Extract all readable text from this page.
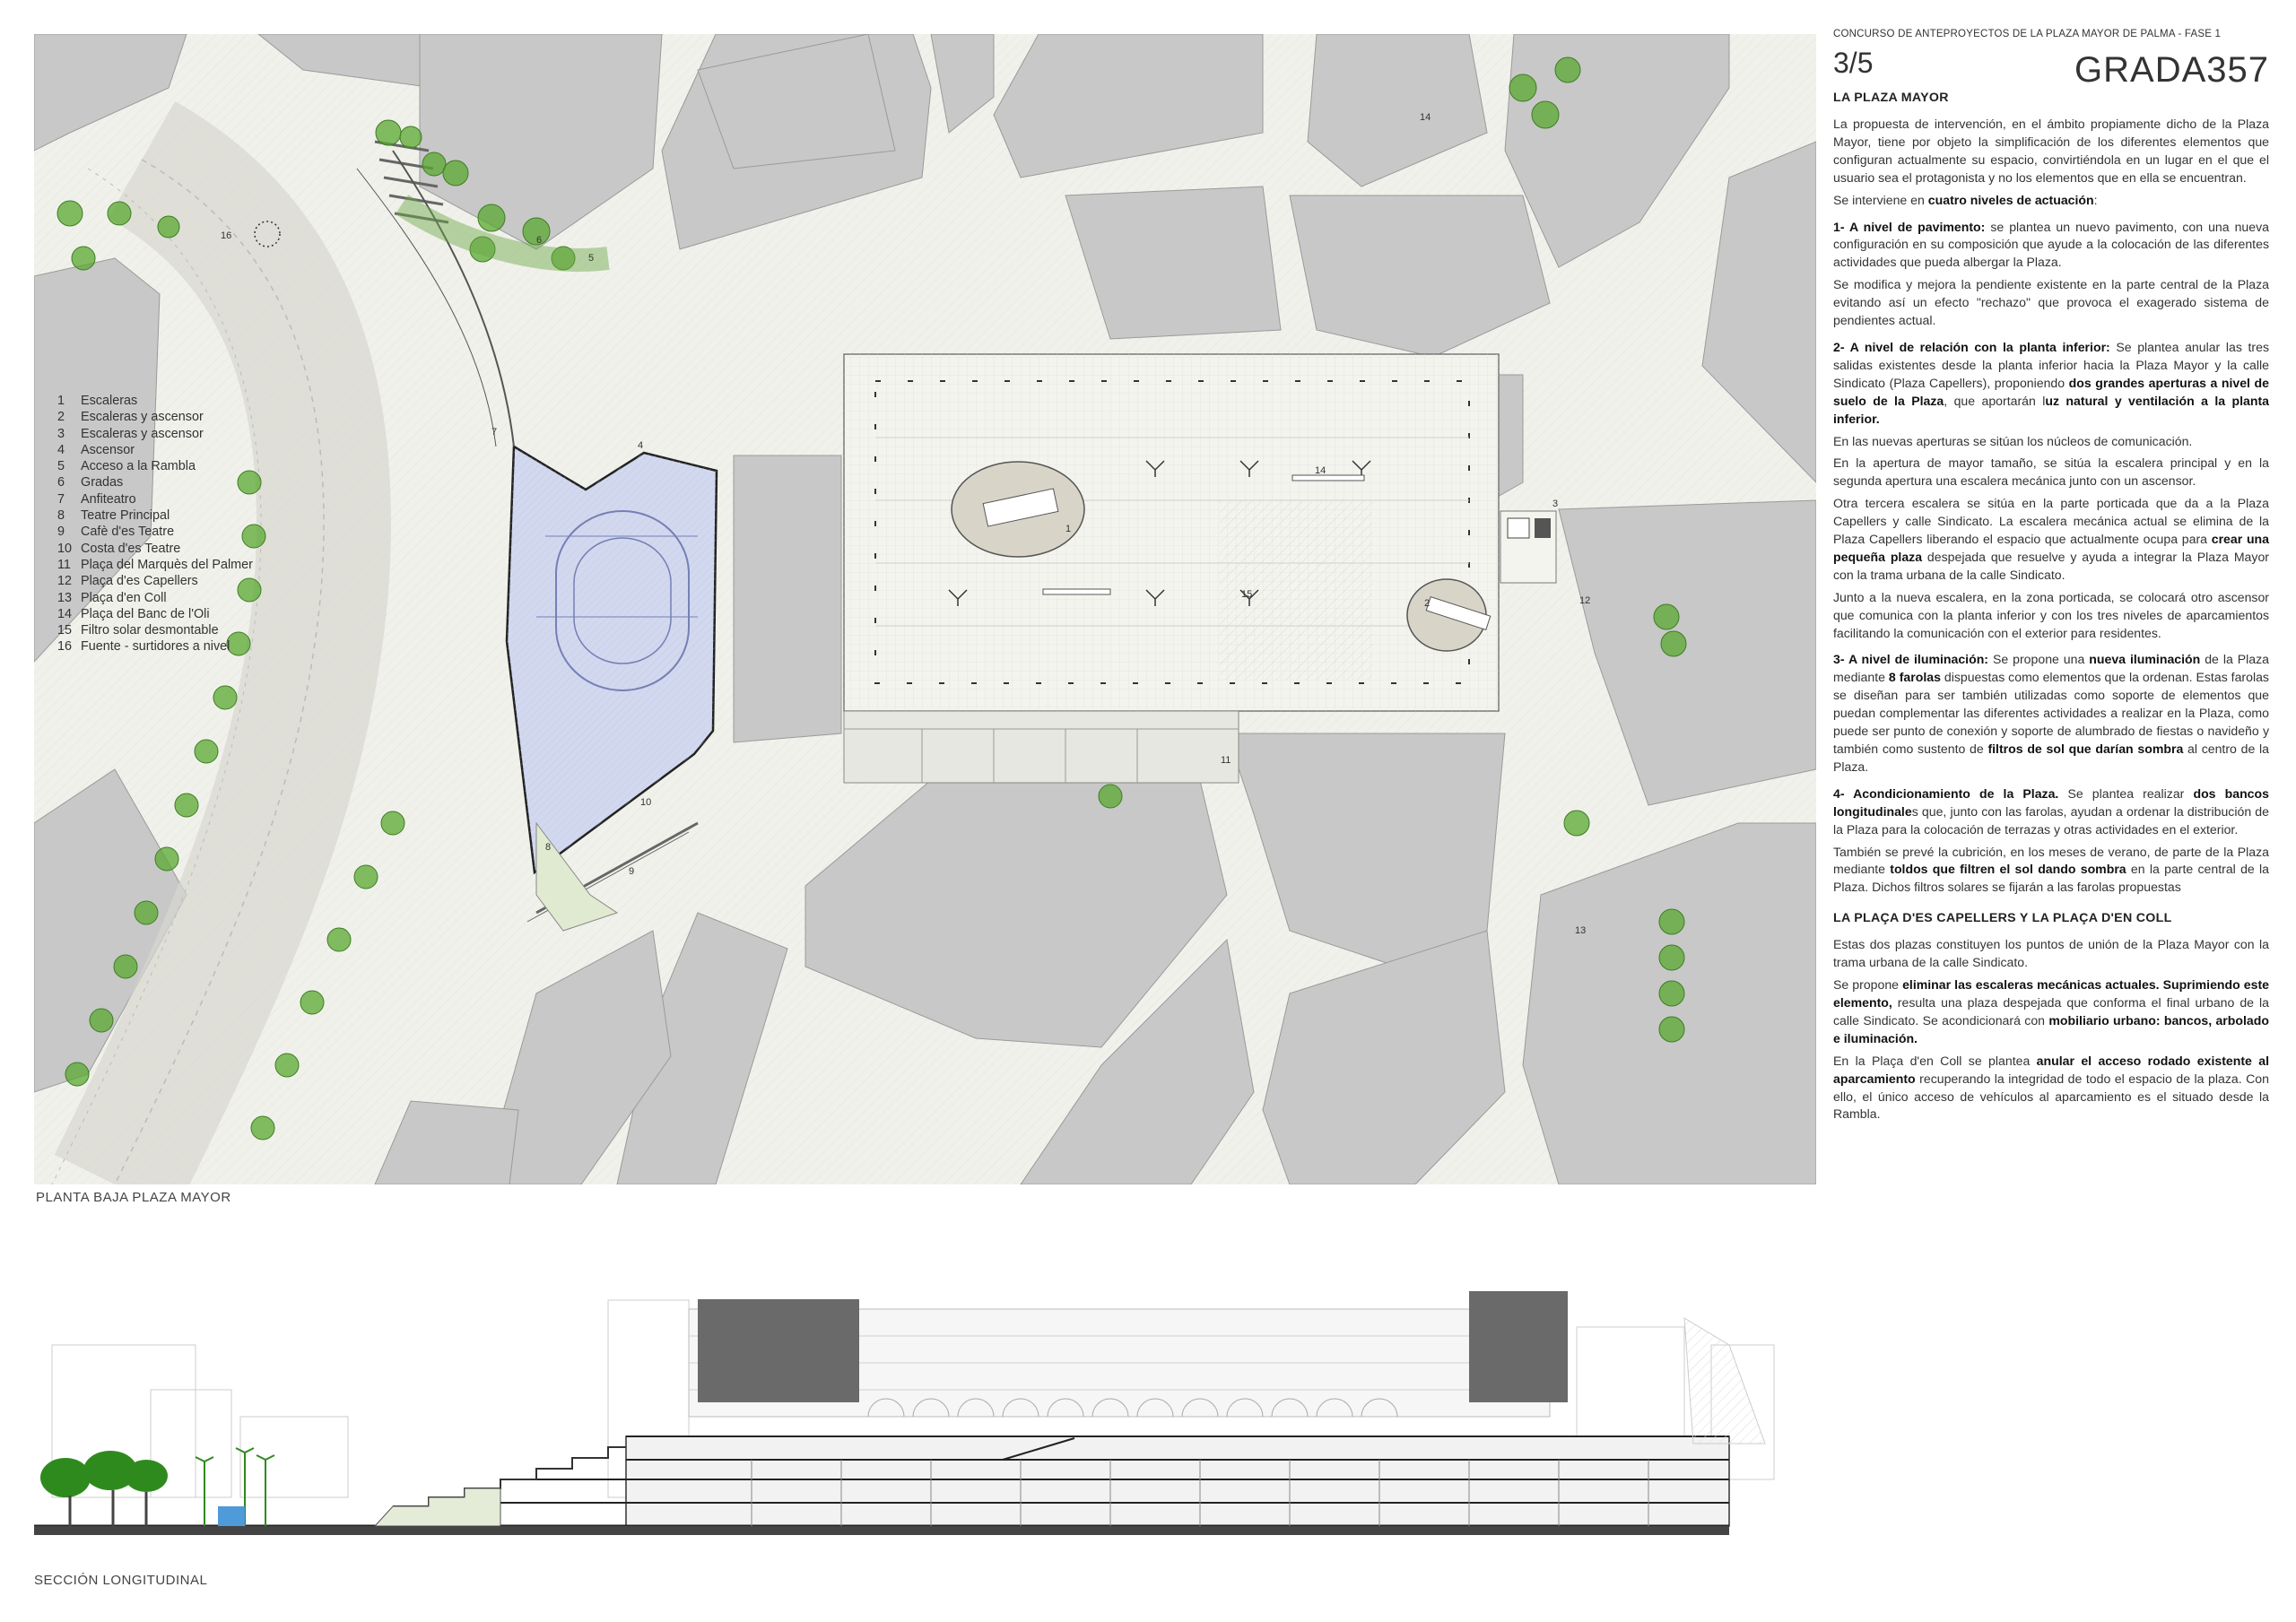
1
2
3
4
5
6
7
8
9
10
11
12
13
14
14
15
16
1 Escaleras
2 Escaleras y ascensor
3 Escaleras y ascensor
4 Ascensor
5 Acceso a la Rambla
6 Gradas
7 Anfiteatro
8 Teatre Principal
9 Cafè d'es Teatre
10 Costa d'es Teatre
11 Plaça del Marquès del Palmer
12 Plaça d'es Capellers
13 Plaça d'en Coll
14 Plaça del Banc de l'Oli
15 Filtro solar desmontable
16 Fuente - surtidores a nivel
PLANTA BAJA PLAZA MAYOR
SECCIÓN LONGITUDINAL
CONCURSO DE ANTEPROYECTOS DE LA PLAZA MAYOR DE PALMA - FASE 1
3/5	GRADA357
LA PLAZA MAYOR

La propuesta de intervención, en el ámbito propiamente dicho de la Plaza Mayor, tiene por objeto la simplificación de los diferentes elementos que configuran actualmente su espacio, convirtiéndola en un lugar en el que el usuario sea el protagonista y no los elementos que en ella se encuentran.

Se interviene en cuatro niveles de actuación:

1- A nivel de pavimento: se plantea un nuevo pavimento, con una nueva configuración en su composición que ayude a la colocación de las diferentes actividades que pueda albergar la Plaza.

Se modifica y mejora la pendiente existente en la parte central de la Plaza evitando así un efecto "rechazo" que provoca el exagerado sistema de pendientes actual.

2- A nivel de relación con la planta inferior: Se plantea anular las tres salidas existentes desde la planta inferior hacia la Plaza Mayor y la calle Sindicato (Plaza Capellers), proponiendo dos grandes aperturas a nivel de suelo de la Plaza, que aportarán luz natural y ventilación a la planta inferior.

En las nuevas aperturas se sitúan los núcleos de comunicación.

En la apertura de mayor tamaño, se sitúa la escalera principal y en la segunda apertura una escalera mecánica junto con un ascensor.

Otra tercera escalera se sitúa en la parte porticada que da a la Plaza Capellers y calle Sindicato. La escalera mecánica actual se elimina de la Plaza Capellers liberando el espacio que actualmente ocupa para crear una pequeña plaza despejada que resuelve y ayuda a integrar la Plaza Mayor con la trama urbana de la calle Sindicato.

Junto a la nueva escalera, en la zona porticada, se colocará otro ascensor que comunica con la planta inferior y con los tres niveles de aparcamientos facilitando la comunicación con el exterior para residentes.

3- A nivel de iluminación: Se propone una nueva iluminación de la Plaza mediante 8 farolas dispuestas como elementos que la ordenan. Estas farolas se diseñan para ser también utilizadas como soporte de elementos que puedan complementar las diferentes actividades a realizar en la Plaza, como puede ser punto de conexión y soporte de alumbrado de fiestas o navideño y también como sustento de filtros de sol que darían sombra al centro de la Plaza.

4- Acondicionamiento de la Plaza. Se plantea realizar dos bancos longitudinales que, junto con las farolas, ayudan a ordenar la distribución de la Plaza para la colocación de terrazas y otras actividades en el exterior.

También se prevé la cubrición, en los meses de verano, de parte de la Plaza mediante toldos que filtren el sol dando sombra en la parte central de la Plaza. Dichos filtros solares se fijarán a las farolas propuestas

LA PLAÇA D'ES CAPELLERS Y LA PLAÇA D'EN COLL

Estas dos plazas constituyen los puntos de unión de la Plaza Mayor con la trama urbana de la calle Sindicato.

Se propone eliminar las escaleras mecánicas actuales. Suprimiendo este elemento, resulta una plaza despejada que conforma el final urbano de la calle Sindicato. Se acondicionará con mobiliario urbano: bancos, arbolado e iluminación.

En la Plaça d'en Coll se plantea anular el acceso rodado existente al aparcamiento recuperando la integridad de todo el espacio de la plaza. Con ello, el único acceso de vehículos al aparcamiento es el situado desde la Rambla.
